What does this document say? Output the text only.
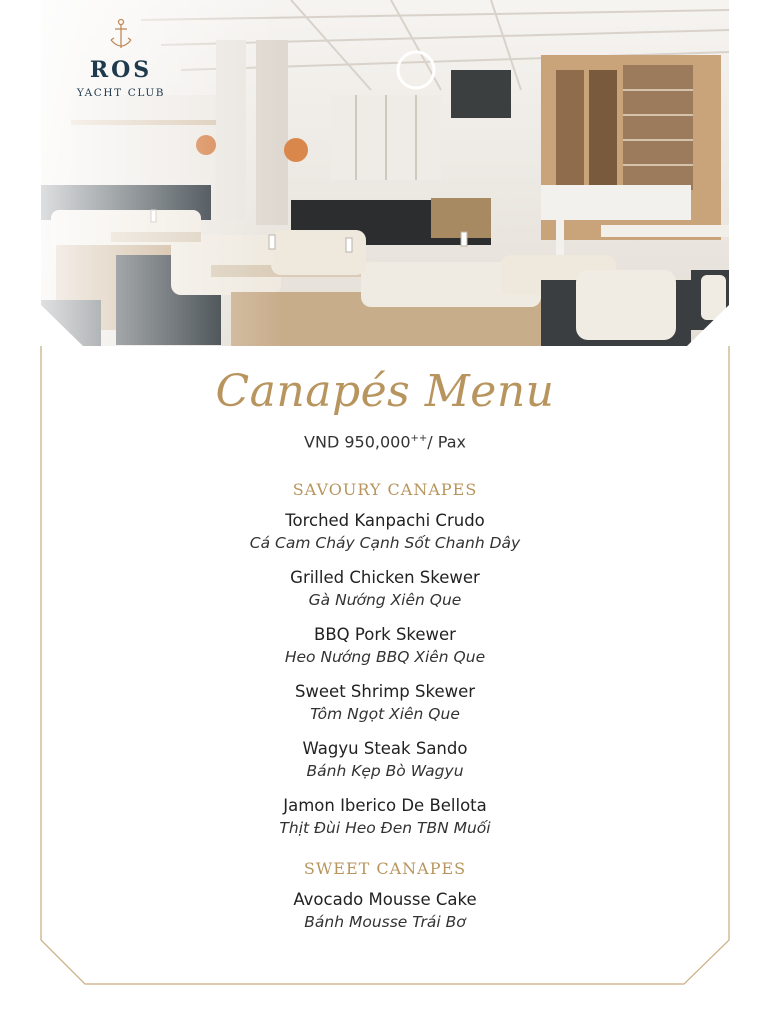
ROS
YACHT CLUB
Canapés Menu
VND 950,000++/ Pax
SAVOURY CANAPES
Torched Kanpachi Crudo
Cá Cam Cháy Cạnh Sốt Chanh Dây
Grilled Chicken Skewer
Gà Nướng Xiên Que
BBQ Pork Skewer
Heo Nướng BBQ Xiên Que
Sweet Shrimp Skewer
Tôm Ngọt Xiên Que
Wagyu Steak Sando
Bánh Kẹp Bò Wagyu
Jamon Iberico De Bellota
Thịt Đùi Heo Đen TBN Muối
SWEET CANAPES
Avocado Mousse Cake
Bánh Mousse Trái Bơ
